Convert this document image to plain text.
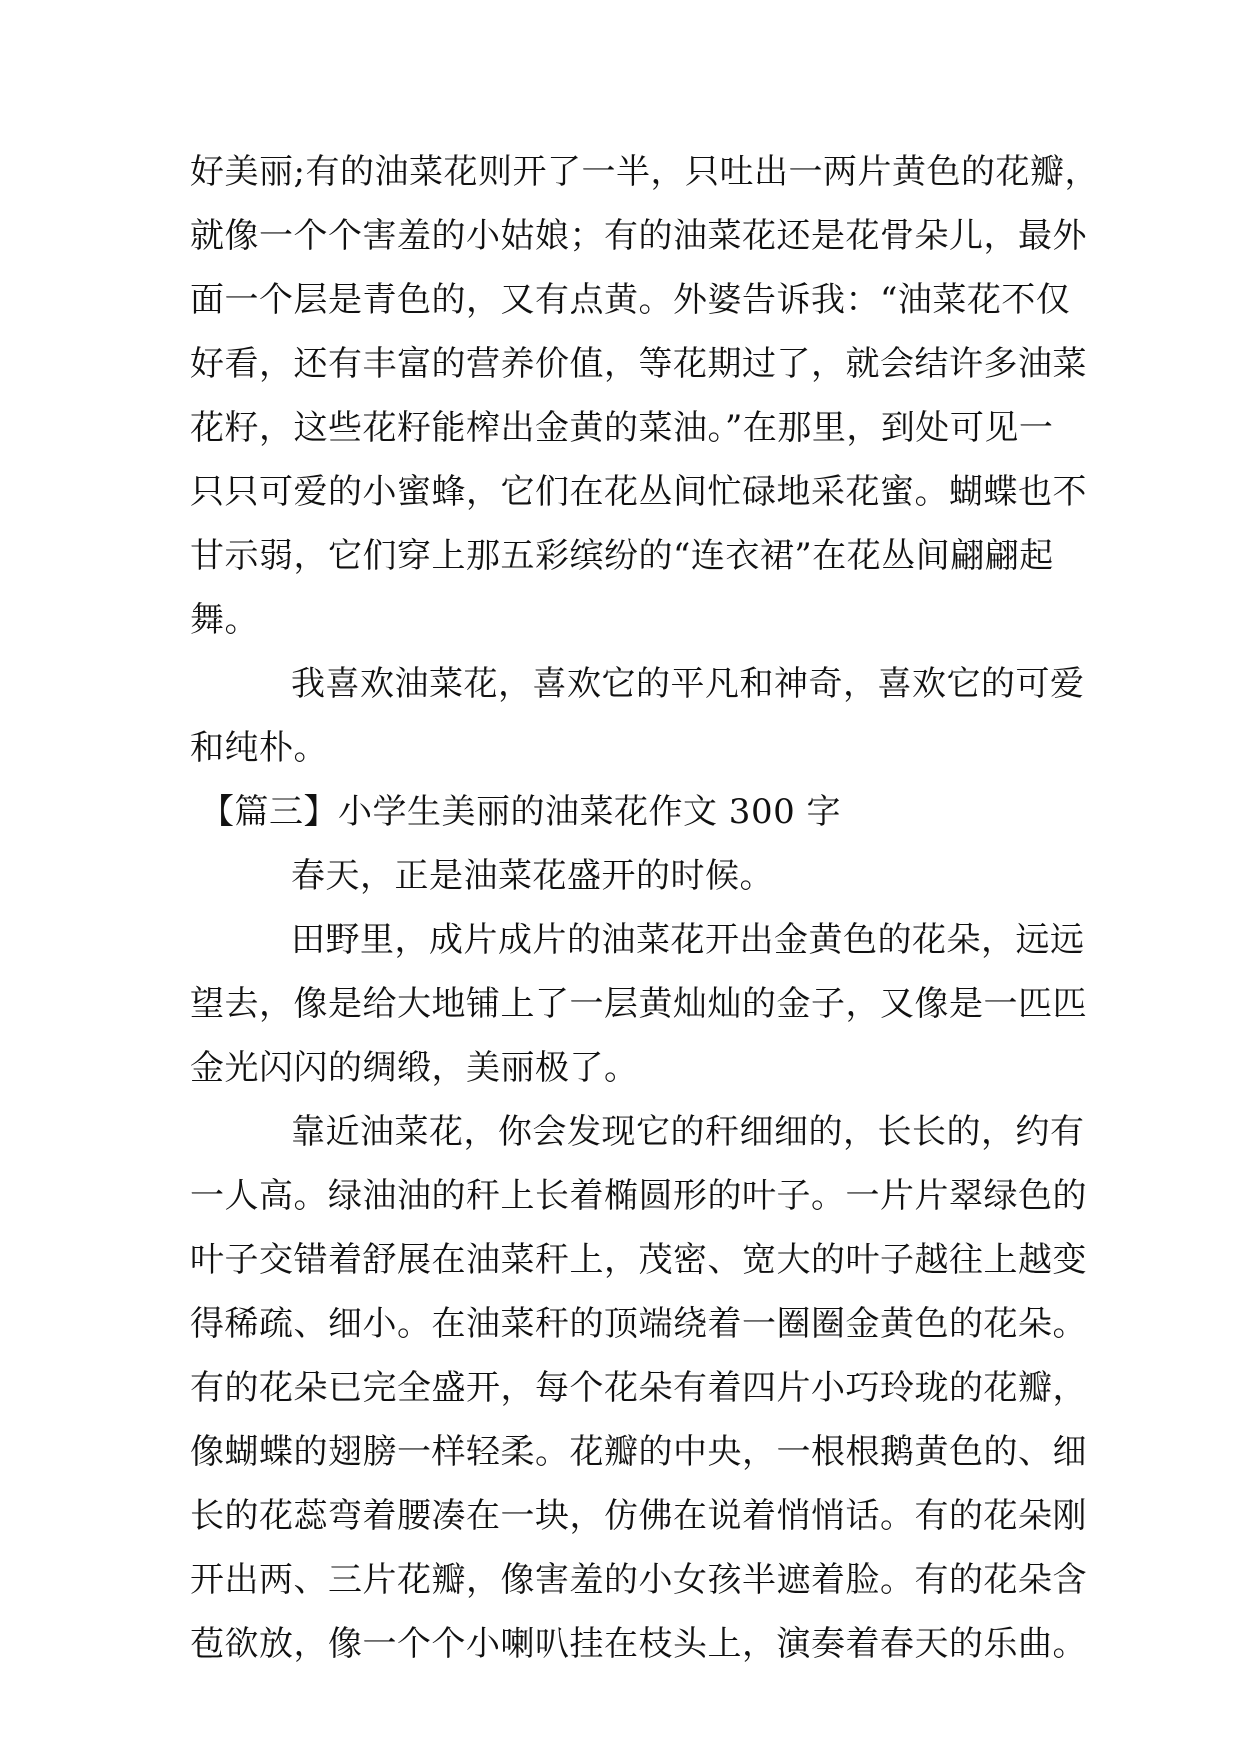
好美丽;有的油菜花则开了一半，只吐出一两片黄色的花瓣，
就像一个个害羞的小姑娘；有的油菜花还是花骨朵儿，最外
面一个层是青色的，又有点黄。外婆告诉我：“油菜花不仅
好看，还有丰富的营养价值，等花期过了，就会结许多油菜
花籽，这些花籽能榨出金黄的菜油。”在那里，到处可见一
只只可爱的小蜜蜂，它们在花丛间忙碌地采花蜜。蝴蝶也不
甘示弱，它们穿上那五彩缤纷的“连衣裙”在花丛间翩翩起
舞。
我喜欢油菜花，喜欢它的平凡和神奇，喜欢它的可爱
和纯朴。
【篇三】小学生美丽的油菜花作文 300 字
春天，正是油菜花盛开的时候。
田野里，成片成片的油菜花开出金黄色的花朵，远远
望去，像是给大地铺上了一层黄灿灿的金子，又像是一匹匹
金光闪闪的绸缎，美丽极了。
靠近油菜花，你会发现它的秆细细的，长长的，约有
一人高。绿油油的秆上长着椭圆形的叶子。一片片翠绿色的
叶子交错着舒展在油菜秆上，茂密、宽大的叶子越往上越变
得稀疏、细小。在油菜秆的顶端绕着一圈圈金黄色的花朵。
有的花朵已完全盛开，每个花朵有着四片小巧玲珑的花瓣，
像蝴蝶的翅膀一样轻柔。花瓣的中央，一根根鹅黄色的、细
长的花蕊弯着腰凑在一块，仿佛在说着悄悄话。有的花朵刚
开出两、三片花瓣，像害羞的小女孩半遮着脸。有的花朵含
苞欲放，像一个个小喇叭挂在枝头上，演奏着春天的乐曲。
